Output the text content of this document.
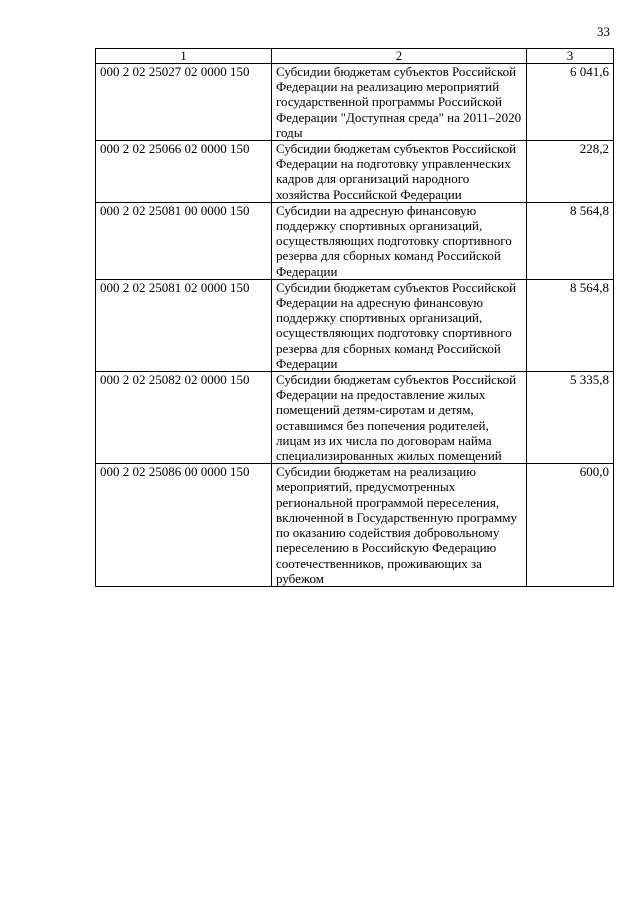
33
1	2	3
000 2 02 25027 02 0000 150	Субсидии бюджетам субъектов Российской Федерации на реализацию мероприятий государственной программы Российской Федерации "Доступная среда" на 2011–2020 годы	6 041,6
000 2 02 25066 02 0000 150	Субсидии бюджетам субъектов Российской Федерации на подготовку управленческих кадров для организаций народного хозяйства Российской Федерации	228,2
000 2 02 25081 00 0000 150	Субсидии на адресную финансовую поддержку спортивных организаций, осуществляющих подготовку спортивного резерва для сборных команд Российской Федерации	8 564,8
000 2 02 25081 02 0000 150	Субсидии бюджетам субъектов Российской Федерации на адресную финансовую поддержку спортивных организаций, осуществляющих подготовку спортивного резерва для сборных команд Российской Федерации	8 564,8
000 2 02 25082 02 0000 150	Субсидии бюджетам субъектов Российской Федерации на предоставление жилых помещений детям-сиротам и детям, оставшимся без попечения родителей, лицам из их числа по договорам найма специализированных жилых помещений	5 335,8
000 2 02 25086 00 0000 150	Субсидии бюджетам на реализацию мероприятий, предусмотренных региональной программой переселения, включенной в Государственную программу по оказанию содействия добровольному переселению в Российскую Федерацию соотечественников, проживающих за рубежом	600,0
